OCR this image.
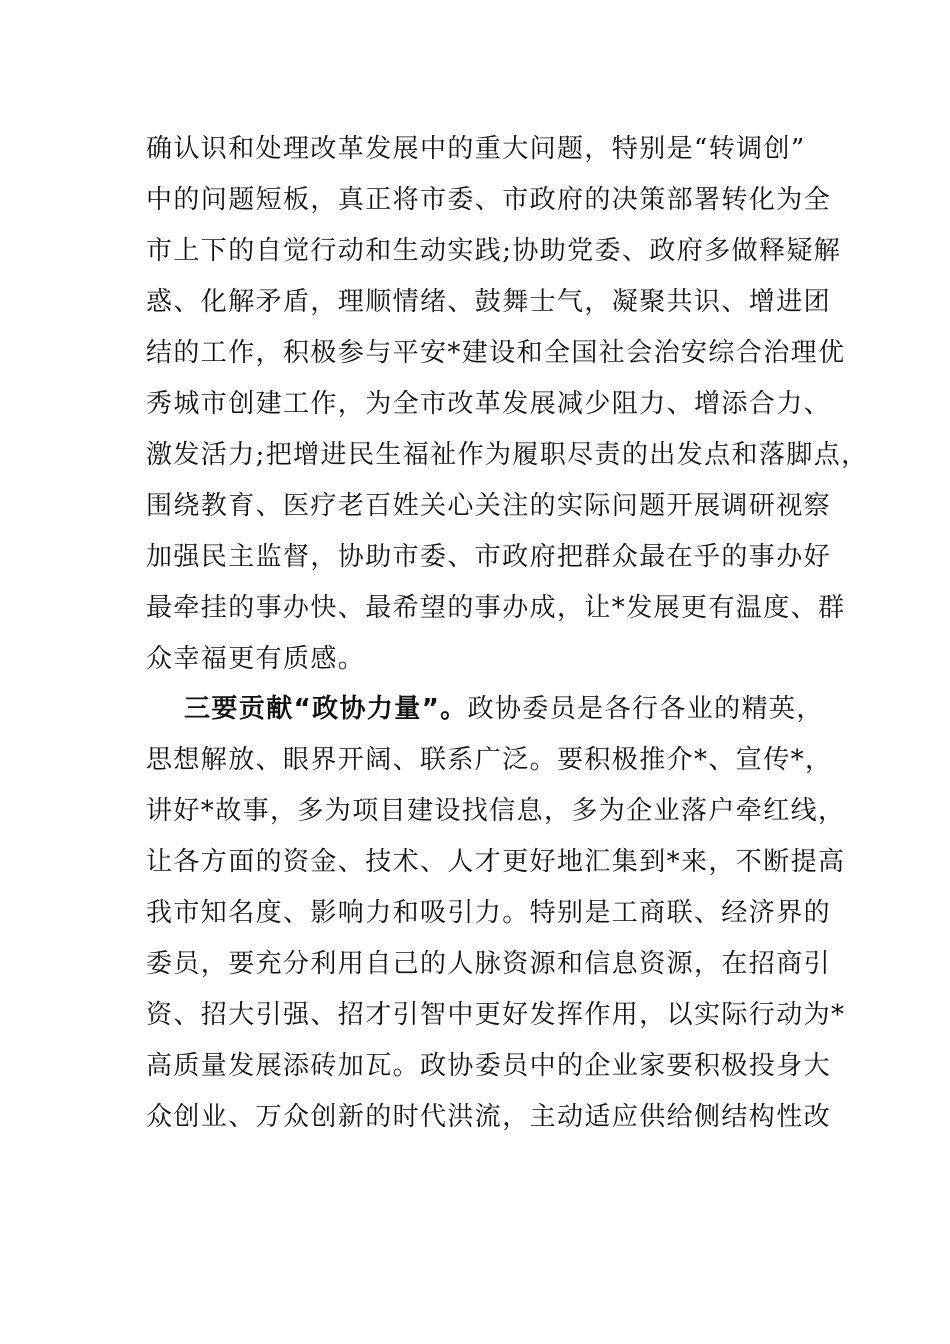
确认识和处理改革发展中的重大问题，特别是“转调创”
中的问题短板，真正将市委、市政府的决策部署转化为全
市上下的自觉行动和生动实践;协助党委、政府多做释疑解
惑、化解矛盾，理顺情绪、鼓舞士气，凝聚共识、增进团
结的工作，积极参与平安*建设和全国社会治安综合治理优
秀城市创建工作，为全市改革发展减少阻力、增添合力、
激发活力;把增进民生福祉作为履职尽责的出发点和落脚点，
围绕教育、医疗老百姓关心关注的实际问题开展调研视察
加强民主监督，协助市委、市政府把群众最在乎的事办好
最牵挂的事办快、最希望的事办成，让*发展更有温度、群
众幸福更有质感。
三要贡献“政协力量”。政协委员是各行各业的精英，
思想解放、眼界开阔、联系广泛。要积极推介*、宣传*，
讲好*故事，多为项目建设找信息，多为企业落户牵红线，
让各方面的资金、技术、人才更好地汇集到*来，不断提高
我市知名度、影响力和吸引力。特别是工商联、经济界的
委员，要充分利用自己的人脉资源和信息资源，在招商引
资、招大引强、招才引智中更好发挥作用，以实际行动为*
高质量发展添砖加瓦。政协委员中的企业家要积极投身大
众创业、万众创新的时代洪流，主动适应供给侧结构性改
